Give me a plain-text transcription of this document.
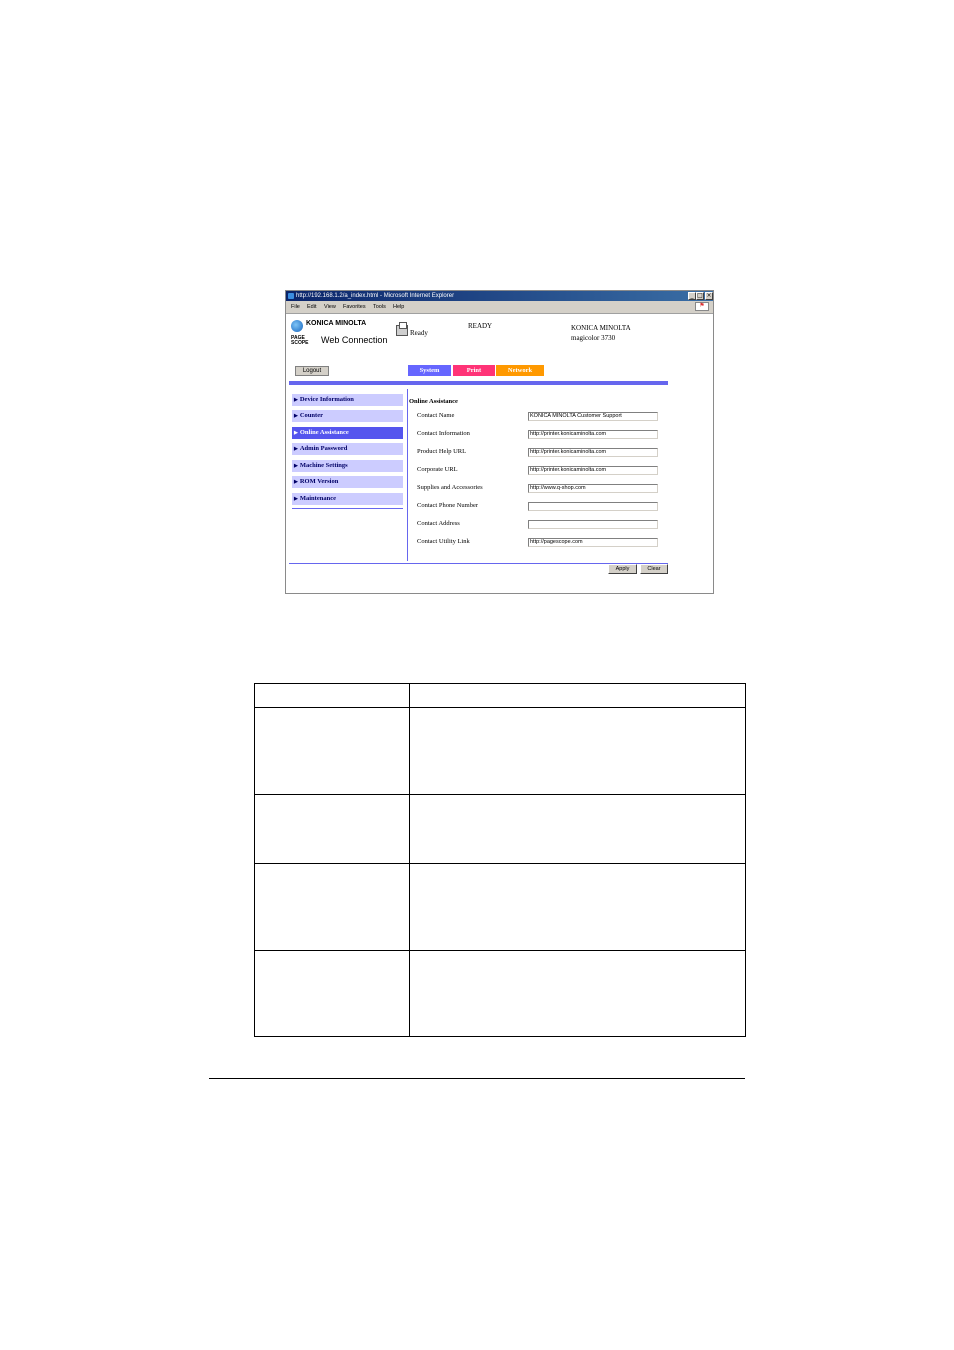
http://192.168.1.2/a_index.html - Microsoft Internet Explorer	_ □ ×
File Edit View Favorites Tools Help	⚑
KONICA MINOLTA
PAGE SCOPE	Web Connection
Ready
READY	KONICA MINOLTA
magicolor 3730
Logout	System	Print	Network
▶ Device Information
▶ Counter
▶ Online Assistance
▶ Admin Password
▶ Machine Settings
▶ ROM Version
▶ Maintenance
Online Assistance
Contact Name	KONICA MINOLTA Customer Support
Contact Information	http://printer.konicaminolta.com
Product Help URL	http://printer.konicaminolta.com
Corporate URL	http://printer.konicaminolta.com
Supplies and Accessories	http://www.q-shop.com
Contact Phone Number
Contact Address
Contact Utility Link	http://pagescope.com
Apply	Clear
